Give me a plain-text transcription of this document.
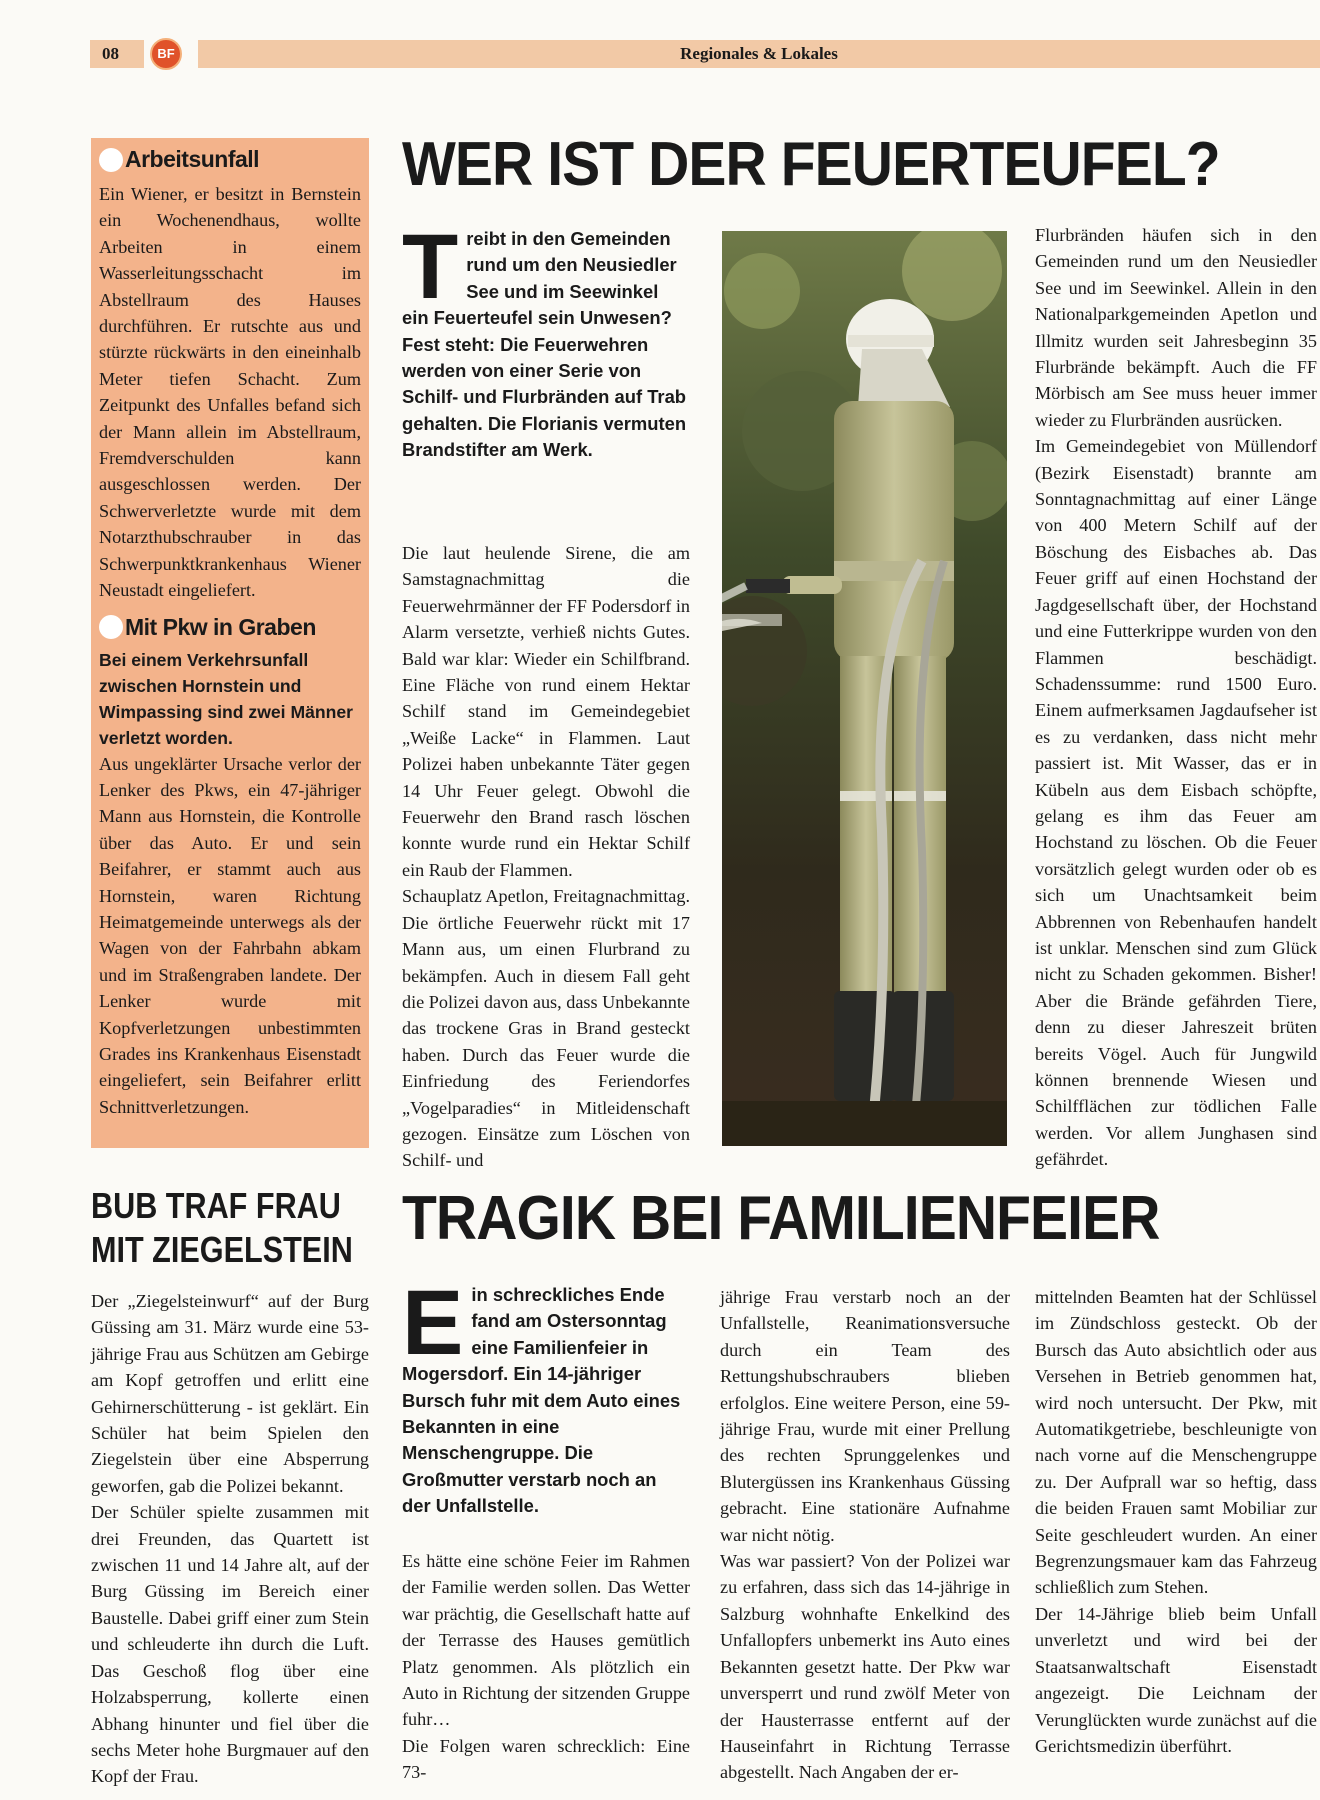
08	BF	Regionales & Lokales
Arbeitsunfall
Ein Wiener, er besitzt in Bernstein ein Wochenendhaus, wollte Arbeiten in einem Wasserleitungsschacht im Abstellraum des Hauses durchführen. Er rutschte aus und stürzte rückwärts in den eineinhalb Meter tiefen Schacht. Zum Zeitpunkt des Unfalles befand sich der Mann allein im Abstellraum, Fremdverschulden kann ausgeschlossen werden. Der Schwerverletzte wurde mit dem Notarzthubschrauber in das Schwerpunktkrankenhaus Wiener Neustadt eingeliefert.
Mit Pkw in Graben
Bei einem Verkehrsunfall zwischen Hornstein und Wimpassing sind zwei Männer verletzt worden.
Aus ungeklärter Ursache verlor der Lenker des Pkws, ein 47-jähriger Mann aus Hornstein, die Kontrolle über das Auto. Er und sein Beifahrer, er stammt auch aus Hornstein, waren Richtung Heimatgemeinde unterwegs als der Wagen von der Fahrbahn abkam und im Straßengraben landete. Der Lenker wurde mit Kopfverletzungen unbestimmten Grades ins Krankenhaus Eisenstadt eingeliefert, sein Beifahrer erlitt Schnittverletzungen.
WER IST DER FEUERTEUFEL?
T reibt in den Gemeinden rund um den Neusiedler See und im Seewinkel ein Feuerteufel sein Unwesen? Fest steht: Die Feuerwehren werden von einer Serie von Schilf- und Flurbränden auf Trab gehalten. Die Florianis vermuten Brandstifter am Werk.

Die laut heulende Sirene, die am Samstagnachmittag die Feuerwehrmänner der FF Podersdorf in Alarm versetzte, verhieß nichts Gutes. Bald war klar: Wieder ein Schilfbrand. Eine Fläche von rund einem Hektar Schilf stand im Gemeindegebiet „Weiße Lacke“ in Flammen. Laut Polizei haben unbekannte Täter gegen 14 Uhr Feuer gelegt. Obwohl die Feuerwehr den Brand rasch löschen konnte wurde rund ein Hektar Schilf ein Raub der Flammen.

Schauplatz Apetlon, Freitagnachmittag. Die örtliche Feuerwehr rückt mit 17 Mann aus, um einen Flurbrand zu bekämpfen. Auch in diesem Fall geht die Polizei davon aus, dass Unbekannte das trockene Gras in Brand gesteckt haben. Durch das Feuer wurde die Einfriedung des Feriendorfes „Vogelparadies“ in Mitleidenschaft gezogen. Einsätze zum Löschen von Schilf- und

Flurbränden häufen sich in den Gemeinden rund um den Neusiedler See und im Seewinkel. Allein in den Nationalparkgemeinden Apetlon und Illmitz wurden seit Jahresbeginn 35 Flurbrände bekämpft. Auch die FF Mörbisch am See muss heuer immer wieder zu Flurbränden ausrücken.

Im Gemeindegebiet von Müllendorf (Bezirk Eisenstadt) brannte am Sonntagnachmittag auf einer Länge von 400 Metern Schilf auf der Böschung des Eisbaches ab. Das Feuer griff auf einen Hochstand der Jagdgesellschaft über, der Hochstand und eine Futterkrippe wurden von den Flammen beschädigt. Schadenssumme: rund 1500 Euro. Einem aufmerksamen Jagdaufseher ist es zu verdanken, dass nicht mehr passiert ist. Mit Wasser, das er in Kübeln aus dem Eisbach schöpfte, gelang es ihm das Feuer am Hochstand zu löschen. Ob die Feuer vorsätzlich gelegt wurden oder ob es sich um Unachtsamkeit beim Abbrennen von Rebenhaufen handelt ist unklar. Menschen sind zum Glück nicht zu Schaden gekommen. Bisher! Aber die Brände gefährden Tiere, denn zu dieser Jahreszeit brüten bereits Vögel. Auch für Jungwild können brennende Wiesen und Schilfflächen zur tödlichen Falle werden. Vor allem Junghasen sind gefährdet.

BUB TRAF FRAU
MIT ZIEGELSTEIN

Der „Ziegelsteinwurf“ auf der Burg Güssing am 31. März wurde eine 53-jährige Frau aus Schützen am Gebirge am Kopf getroffen und erlitt eine Gehirnerschütterung - ist geklärt. Ein Schüler hat beim Spielen den Ziegelstein über eine Absperrung geworfen, gab die Polizei bekannt.

Der Schüler spielte zusammen mit drei Freunden, das Quartett ist zwischen 11 und 14 Jahre alt, auf der Burg Güssing im Bereich einer Baustelle. Dabei griff einer zum Stein und schleuderte ihn durch die Luft. Das Geschoß flog über eine Holzabsperrung, kollerte einen Abhang hinunter und fiel über die sechs Meter hohe Burgmauer auf den Kopf der Frau.

TRAGIK BEI FAMILIENFEIER
E in schreckliches Ende fand am Ostersonntag eine Familienfeier in Mogersdorf. Ein 14-jähriger Bursch fuhr mit dem Auto eines Bekannten in eine Menschengruppe. Die Großmutter verstarb noch an der Unfallstelle.

Es hätte eine schöne Feier im Rahmen der Familie werden sollen. Das Wetter war prächtig, die Gesellschaft hatte auf der Terrasse des Hauses gemütlich Platz genommen. Als plötzlich ein Auto in Richtung der sitzenden Gruppe fuhr…

Die Folgen waren schrecklich: Eine 73-

jährige Frau verstarb noch an der Unfallstelle, Reanimationsversuche durch ein Team des Rettungshubschraubers blieben erfolglos. Eine weitere Person, eine 59-jährige Frau, wurde mit einer Prellung des rechten Sprunggelenkes und Blutergüssen ins Krankenhaus Güssing gebracht. Eine stationäre Aufnahme war nicht nötig.

Was war passiert? Von der Polizei war zu erfahren, dass sich das 14-jährige in Salzburg wohnhafte Enkelkind des Unfallopfers unbemerkt ins Auto eines Bekannten gesetzt hatte. Der Pkw war unversperrt und rund zwölf Meter von der Hausterrasse entfernt auf der Hauseinfahrt in Richtung Terrasse abgestellt. Nach Angaben der er-

mittelnden Beamten hat der Schlüssel im Zündschloss gesteckt. Ob der Bursch das Auto absichtlich oder aus Versehen in Betrieb genommen hat, wird noch untersucht. Der Pkw, mit Automatikgetriebe, beschleunigte von nach vorne auf die Menschengruppe zu. Der Aufprall war so heftig, dass die beiden Frauen samt Mobiliar zur Seite geschleudert wurden. An einer Begrenzungsmauer kam das Fahrzeug schließlich zum Stehen.

Der 14-Jährige blieb beim Unfall unverletzt und wird bei der Staatsanwaltschaft Eisenstadt angezeigt. Die Leichnam der Verunglückten wurde zunächst auf die Gerichtsmedizin überführt.
